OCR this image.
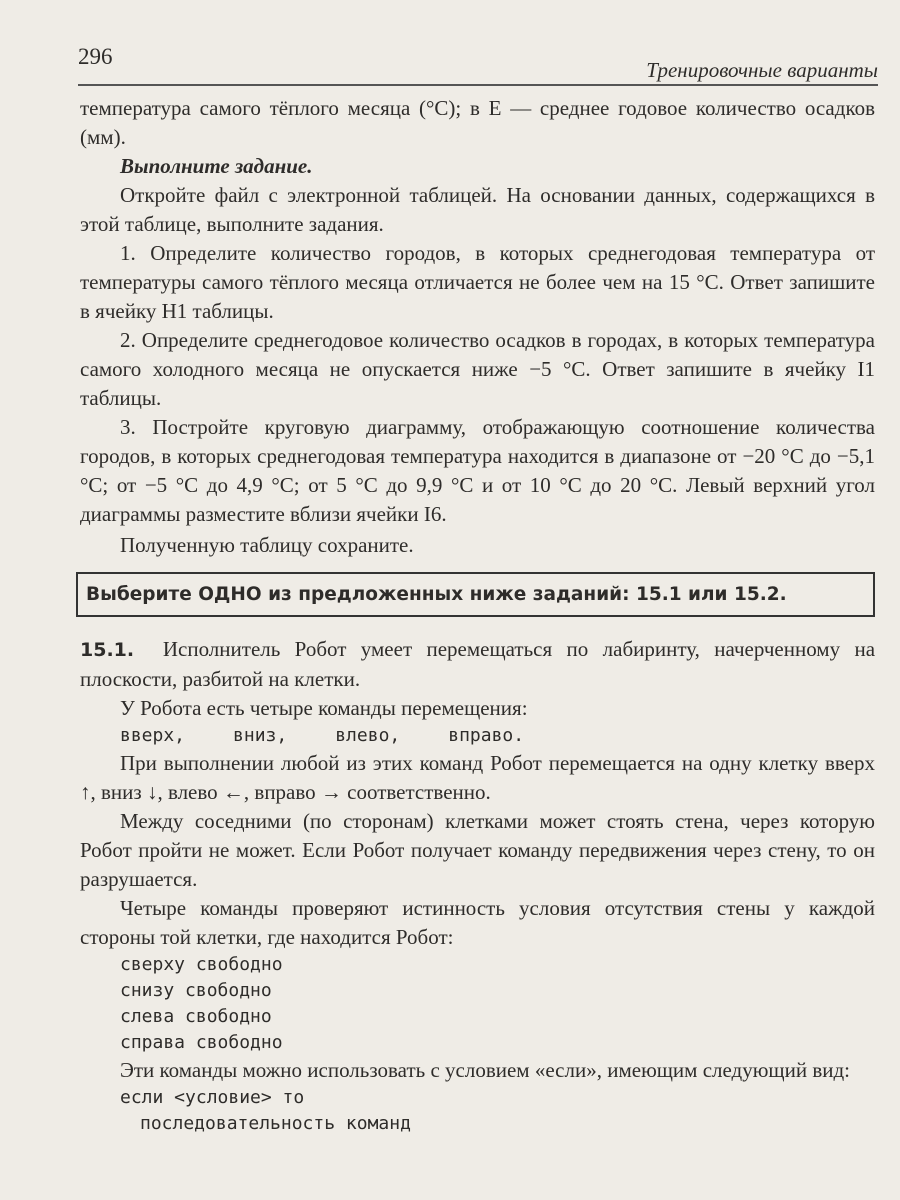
296
Тренировочные варианты

температура самого тёплого месяца (°C); в E — среднее годовое количество осадков (мм).

Выполните задание.

Откройте файл с электронной таблицей. На основании данных, содержащихся в этой таблице, выполните задания.

1. Определите количество городов, в которых среднегодовая температура от температуры самого тёплого месяца отличается не более чем на 15 °C. Ответ запишите в ячейку H1 таблицы.

2. Определите среднегодовое количество осадков в городах, в которых температура самого холодного месяца не опускается ниже −5 °C. Ответ запишите в ячейку I1 таблицы.

3. Постройте круговую диаграмму, отображающую соотношение количества городов, в которых среднегодовая температура находится в диапазоне от −20 °C до −5,1 °C; от −5 °C до 4,9 °C; от 5 °C до 9,9 °C и от 10 °C до 20 °C. Левый верхний угол диаграммы разместите вблизи ячейки I6.

Полученную таблицу сохраните.

Выберите ОДНО из предложенных ниже заданий: 15.1 или 15.2.

15.1. Исполнитель Робот умеет перемещаться по лабиринту, начерченному на плоскости, разбитой на клетки.

У Робота есть четыре команды перемещения:

вверх,	вниз,	влево,	вправо.

При выполнении любой из этих команд Робот перемещается на одну клетку вверх ↑, вниз ↓, влево ←, вправо → соответственно.

Между соседними (по сторонам) клетками может стоять стена, через которую Робот пройти не может. Если Робот получает команду передвижения через стену, то он разрушается.

Четыре команды проверяют истинность условия отсутствия стены у каждой стороны той клетки, где находится Робот:

сверху свободно
снизу свободно
слева свободно
справа свободно

Эти команды можно использовать с условием «если», имеющим следующий вид:

если <условие> то
последовательность команд
